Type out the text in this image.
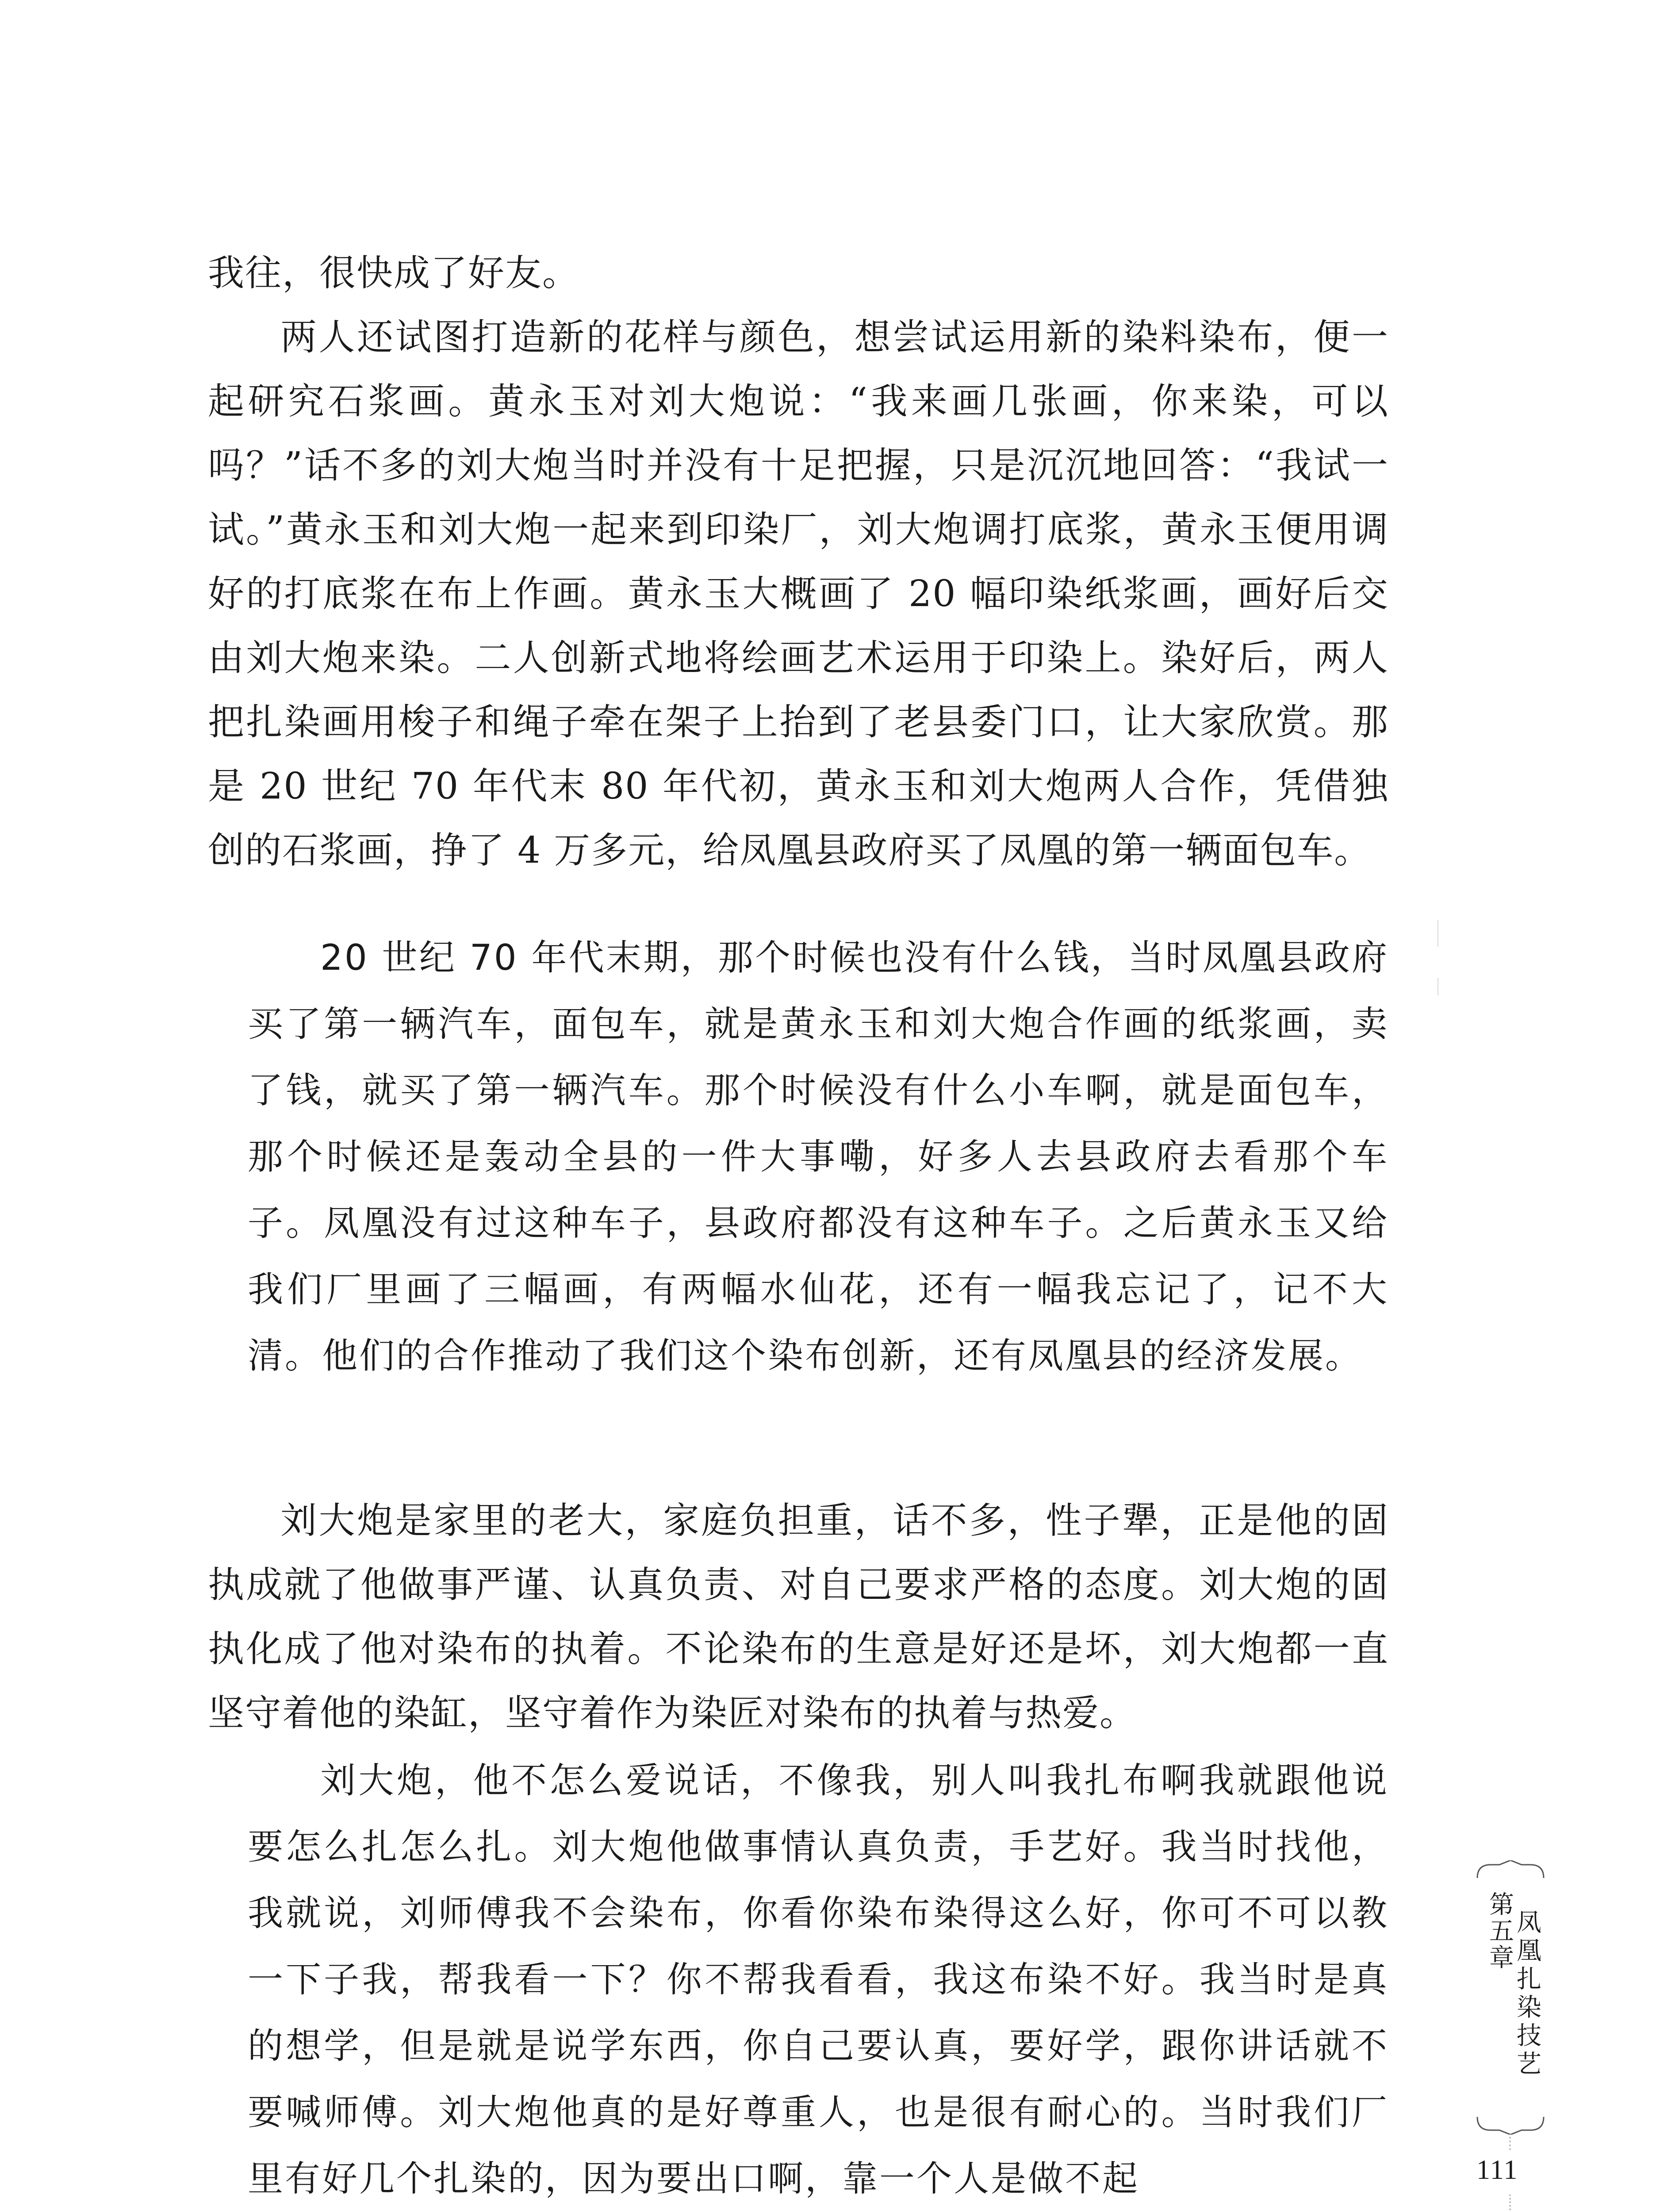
我往，很快成了好友。

两人还试图打造新的花样与颜色，想尝试运用新的染料染布，便一起研究石浆画。黄永玉对刘大炮说：“我来画几张画，你来染，可以吗？”话不多的刘大炮当时并没有十足把握，只是沉沉地回答：“我试一试。”黄永玉和刘大炮一起来到印染厂，刘大炮调打底浆，黄永玉便用调好的打底浆在布上作画。黄永玉大概画了 20 幅印染纸浆画，画好后交由刘大炮来染。二人创新式地将绘画艺术运用于印染上。染好后，两人把扎染画用梭子和绳子牵在架子上抬到了老县委门口，让大家欣赏。那是 20 世纪 70 年代末 80 年代初，黄永玉和刘大炮两人合作，凭借独创的石浆画，挣了 4 万多元，给凤凰县政府买了凤凰的第一辆面包车。

20 世纪 70 年代末期，那个时候也没有什么钱，当时凤凰县政府买了第一辆汽车，面包车，就是黄永玉和刘大炮合作画的纸浆画，卖了钱，就买了第一辆汽车。那个时候没有什么小车啊，就是面包车，那个时候还是轰动全县的一件大事嘞，好多人去县政府去看那个车子。凤凰没有过这种车子，县政府都没有这种车子。之后黄永玉又给我们厂里画了三幅画，有两幅水仙花，还有一幅我忘记了，记不大清。他们的合作推动了我们这个染布创新，还有凤凰县的经济发展。

刘大炮是家里的老大，家庭负担重，话不多，性子犟，正是他的固执成就了他做事严谨、认真负责、对自己要求严格的态度。刘大炮的固执化成了他对染布的执着。不论染布的生意是好还是坏，刘大炮都一直坚守着他的染缸，坚守着作为染匠对染布的执着与热爱。

刘大炮，他不怎么爱说话，不像我，别人叫我扎布啊我就跟他说要怎么扎怎么扎。刘大炮他做事情认真负责，手艺好。我当时找他，我就说，刘师傅我不会染布，你看你染布染得这么好，你可不可以教一下子我，帮我看一下？你不帮我看看，我这布染不好。我当时是真的想学，但是就是说学东西，你自己要认真，要好学，跟你讲话就不要喊师傅。刘大炮他真的是好尊重人，也是很有耐心的。当时我们厂里有好几个扎染的，因为要出口啊，靠一个人是做不起

第五章
凤凰扎染技艺
111
